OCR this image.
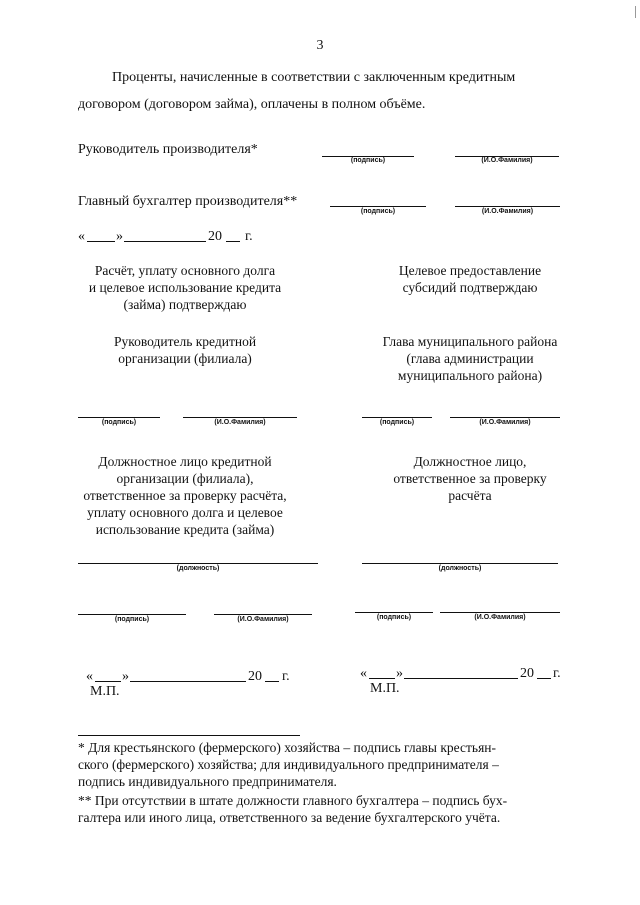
3
Проценты, начисленные в соответствии с заключенным кредитным
договором (договором займа), оплачены в полном объёме.
Руководитель производителя*
(подпись)	(И.О.Фамилия)
Главный бухгалтер производителя**
(подпись)	(И.О.Фамилия)
« »	20 г.
Расчёт, уплату основного долга
и целевое использование кредита
(займа) подтверждаю
Целевое предоставление
субсидий подтверждаю
Руководитель кредитной
организации (филиала)
Глава муниципального района
(глава администрации
муниципального района)
(подпись)	(И.О.Фамилия)	(подпись)	(И.О.Фамилия)
Должностное лицо кредитной
организации (филиала),
ответственное за проверку расчёта,
уплату основного долга и целевое
использование кредита (займа)
Должностное лицо,
ответственное за проверку
расчёта
(должность)	(должность)
(подпись)	(И.О.Фамилия)	(подпись)	(И.О.Фамилия)
« »	20 г.
М.П.
« »	20 г.
М.П.
* Для крестьянского (фермерского) хозяйства – подпись главы крестьян-
ского (фермерского) хозяйства; для индивидуального предпринимателя –
подпись индивидуального предпринимателя.
** При отсутствии в штате должности главного бухгалтера – подпись бух-
галтера или иного лица, ответственного за ведение бухгалтерского учёта.
